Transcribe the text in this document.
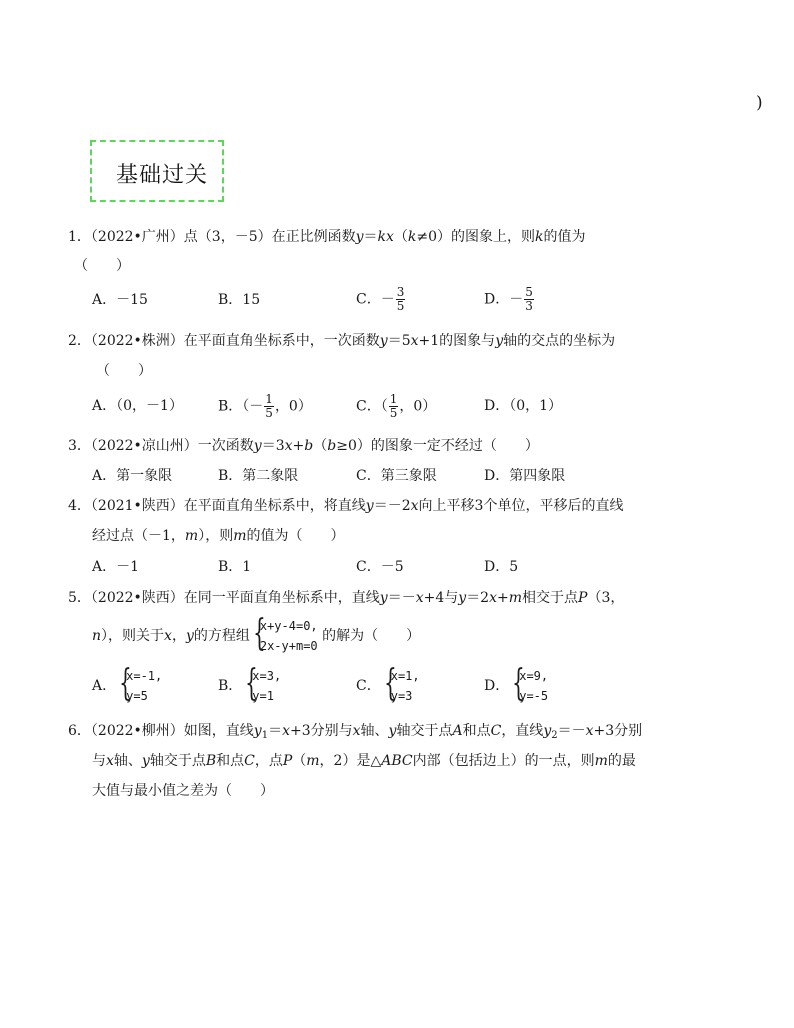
)
基础过关
1．（2022•广州）点（3，－5）在正比例函数y＝kx（k≠0）的图象上，则k的值为
（　　）
A．－15	B．15	C．－ $\frac{3}{5}$	D．－ $\frac{5}{3}$
2．（2022•株洲）在平面直角坐标系中，一次函数y＝5x+1的图象与y轴的交点的坐标为
（　　）
A．（0，－1）	B．（－ $\frac{1}{5}$ ，0）	C．（ $\frac{1}{5}$ ，0）	D．（0，1）
3．（2022•凉山州）一次函数y＝3x+b（b≥0）的图象一定不经过（　　）
A．第一象限	B．第二象限	C．第三象限	D．第四象限
4．（2021•陕西）在平面直角坐标系中，将直线y＝－2x向上平移3个单位，平移后的直线
经过点（－1，m），则m的值为（　　）
A．－1	B．1	C．－5	D．5
5．（2022•陕西）在同一平面直角坐标系中，直线y＝－x+4与y＝2x+m相交于点P（3，
n），则关于x，y的方程组 {
x+y-4=0,
2x-y+m=0
的解为（　　）
A． {
x=-1,
y=5
B． {
x=3,
y=1
C． {
x=1,
y=3
D． {
x=9,
y=-5
6．（2022•柳州）如图，直线$y_1=x+3$分别与x轴、y轴交于点A和点C，直线$y_2=-x+3$分别
与x轴、y轴交于点B和点C，点P（m，2）是△ABC内部（包括边上）的一点，则m的最
大值与最小值之差为（　　）
